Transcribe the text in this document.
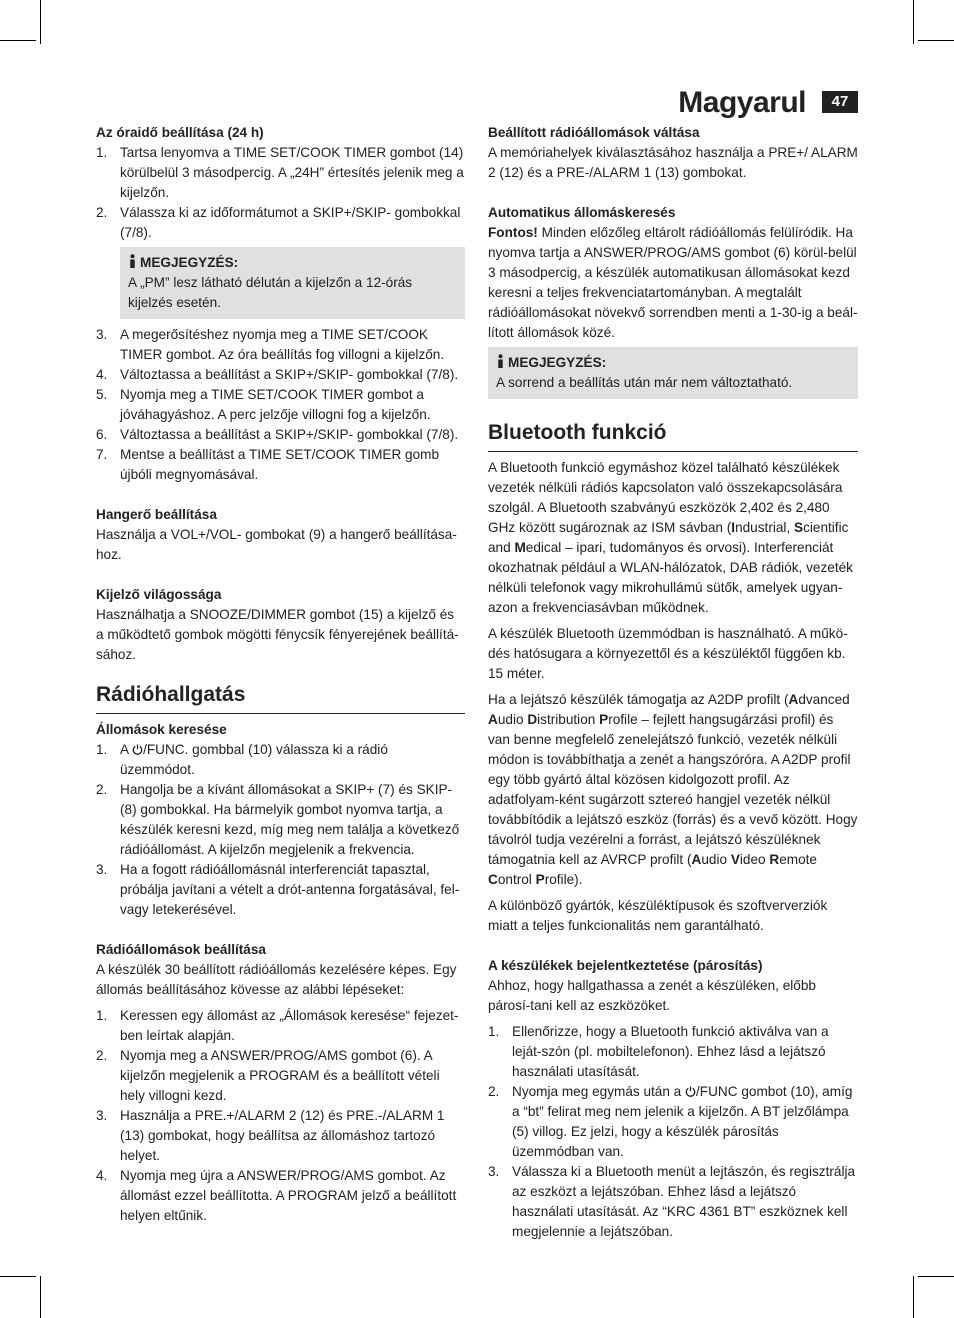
Magyarul	47

Az óraidő beállítása (24 h)

1. Tartsa lenyomva a TIME SET/COOK TIMER gombot (14) körülbelül 3 másodpercig. A „24H” értesítés jelenik meg a kijelzőn.
2. Válassza ki az időformátumot a SKIP+/SKIP- gombokkal (7/8).
MEGJEGYZÉS:
A „PM” lesz látható délután a kijelzőn a 12-órás kijelzés esetén.
3. A megerősítéshez nyomja meg a TIME SET/COOK TIMER gombot. Az óra beállítás fog villogni a kijelzőn.
4. Változtassa a beállítást a SKIP+/SKIP- gombokkal (7/8).
5. Nyomja meg a TIME SET/COOK TIMER gombot a jóváhagyáshoz. A perc jelzője villogni fog a kijelzőn.
6. Változtassa a beállítást a SKIP+/SKIP- gombokkal (7/8).
7. Mentse a beállítást a TIME SET/COOK TIMER gomb újbóli megnyomásával.

Hangerő beállítása

Használja a VOL+/VOL- gombokat (9) a hangerő beállítása-hoz.

Kijelző világossága

Használhatja a SNOOZE/DIMMER gombot (15) a kijelző és a működtető gombok mögötti fénycsík fényerejének beállítá-sához.

Rádióhallgatás

Állomások keresése

1. A /FUNC. gombbal (10) válassza ki a rádió üzemmódot.
2. Hangolja be a kívánt állomásokat a SKIP+ (7) és SKIP- (8) gombokkal. Ha bármelyik gombot nyomva tartja, a készülék keresni kezd, míg meg nem találja a következő rádióállomást. A kijelzőn megjelenik a frekvencia.
3. Ha a fogott rádióállomásnál interferenciát tapasztal, próbálja javítani a vételt a drót-antenna forgatásával, fel-vagy letekerésével.

Rádióállomások beállítása

A készülék 30 beállított rádióállomás kezelésére képes. Egy állomás beállításához kövesse az alábbi lépéseket:

1. Keressen egy állomást az „Állomások keresése“ fejezet-ben leírtak alapján.
2. Nyomja meg a ANSWER/PROG/AMS gombot (6). A kijelzőn megjelenik a PROGRAM és a beállított vételi hely villogni kezd.
3. Használja a PRE.+/ALARM 2 (12) és PRE.-/ALARM 1 (13) gombokat, hogy beállítsa az állomáshoz tartozó helyet.
4. Nyomja meg újra a ANSWER/PROG/AMS gombot. Az állomást ezzel beállította. A PROGRAM jelző a beállított helyen eltűnik.

Beállított rádióállomások váltása

A memóriahelyek kiválasztásához használja a PRE+/ ALARM 2 (12) és a PRE-/ALARM 1 (13) gombokat.

Automatikus állomáskeresés

Fontos! Minden előzőleg eltárolt rádióállomás felülíródik. Ha nyomva tartja a ANSWER/PROG/AMS gombot (6) körül-belül 3 másodpercig, a készülék automatikusan állomásokat kezd keresni a teljes frekvenciatartományban. A megtalált rádióállomásokat növekvő sorrendben menti a 1-30-ig a beál-lított állomások közé.

MEGJEGYZÉS:
A sorrend a beállítás után már nem változtatható.
Bluetooth funkció

A Bluetooth funkció egymáshoz közel található készülékek vezeték nélküli rádiós kapcsolaton való összekapcsolására szolgál. A Bluetooth szabványú eszközök 2,402 és 2,480 GHz között sugároznak az ISM sávban (Industrial, Scientific and Medical – ipari, tudományos és orvosi). Interferenciát okozhatnak például a WLAN-hálózatok, DAB rádiók, vezeték nélküli telefonok vagy mikrohullámú sütők, amelyek ugyan-azon a frekvenciasávban működnek.

A készülék Bluetooth üzemmódban is használható. A műkö-dés hatósugara a környezettől és a készüléktől függően kb. 15 méter.

Ha a lejátszó készülék támogatja az A2DP profilt (Advanced Audio Distribution Profile – fejlett hangsugárzási profil) és van benne megfelelő zenelejátszó funkció, vezeték nélküli módon is továbbíthatja a zenét a hangszóróra. A A2DP profil egy több gyártó által közösen kidolgozott profil. Az adatfolyam-ként sugárzott sztereó hangjel vezeték nélkül továbbítódik a lejátszó eszköz (forrás) és a vevő között. Hogy távolról tudja vezérelni a forrást, a lejátszó készüléknek támogatnia kell az AVRCP profilt (Audio Video Remote Control Profile).

A különböző gyártók, készüléktípusok és szoftververziók miatt a teljes funkcionalitás nem garantálható.

A készülékek bejelentkeztetése (párosítás)

Ahhoz, hogy hallgathassa a zenét a készüléken, előbb párosí-tani kell az eszközöket.

1. Ellenőrizze, hogy a Bluetooth funkció aktiválva van a leját-szón (pl. mobiltelefonon). Ehhez lásd a lejátszó használati utasítását.
2. Nyomja meg egymás után a /FUNC gombot (10), amíg a “bt” felirat meg nem jelenik a kijelzőn. A BT jelzőlámpa (5) villog. Ez jelzi, hogy a készülék párosítás üzemmódban van.
3. Válassza ki a Bluetooth menüt a lejtászón, és regisztrálja az eszközt a lejátszóban. Ehhez lásd a lejátszó használati utasítását. Az “KRC 4361 BT” eszköznek kell megjelennie a lejátszóban.
